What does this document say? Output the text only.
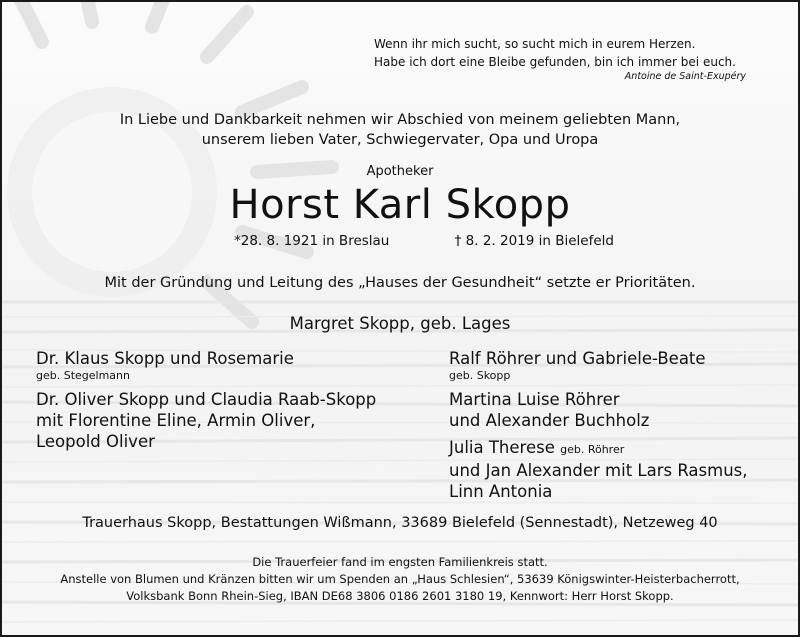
Wenn ihr mich sucht, so sucht mich in eurem Herzen.
Habe ich dort eine Bleibe gefunden, bin ich immer bei euch.
Antoine de Saint-Exupéry
In Liebe und Dankbarkeit nehmen wir Abschied von meinem geliebten Mann,
unserem lieben Vater, Schwiegervater, Opa und Uropa
Apotheker
Horst Karl Skopp
*28. 8. 1921 in Breslau	† 8. 2. 2019 in Bielefeld
Mit der Gründung und Leitung des „Hauses der Gesundheit“ setzte er Prioritäten.
Margret Skopp, geb. Lages
Dr. Klaus Skopp und Rosemarie
geb. Stegelmann
Dr. Oliver Skopp und Claudia Raab-Skopp
mit Florentine Eline, Armin Oliver,
Leopold Oliver
Ralf Röhrer und Gabriele-Beate
geb. Skopp
Martina Luise Röhrer
und Alexander Buchholz
Julia Therese geb. Röhrer
und Jan Alexander mit Lars Rasmus,
Linn Antonia
Trauerhaus Skopp, Bestattungen Wißmann, 33689 Bielefeld (Sennestadt), Netzeweg 40
Die Trauerfeier fand im engsten Familienkreis statt.
Anstelle von Blumen und Kränzen bitten wir um Spenden an „Haus Schlesien“, 53639 Königswinter-Heisterbacherrott,
Volksbank Bonn Rhein-Sieg, IBAN DE68 3806 0186 2601 3180 19, Kennwort: Herr Horst Skopp.
